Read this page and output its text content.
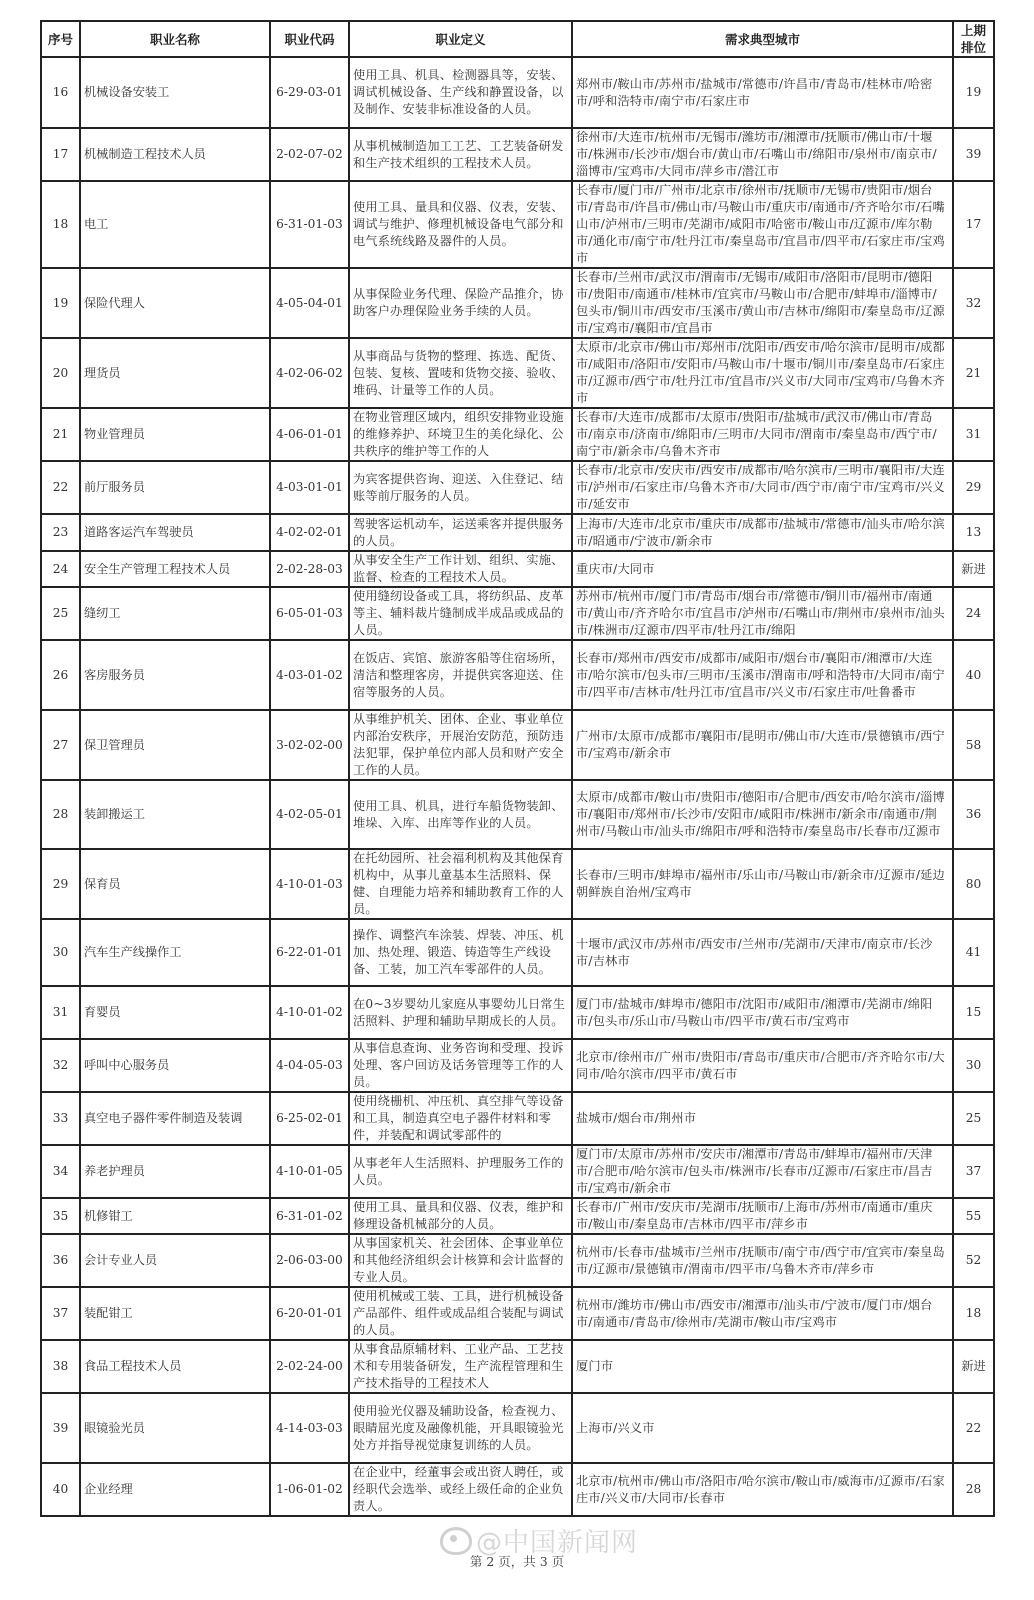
序号	职业名称	职业代码	职业定义	需求典型城市	上期排位
16	机械设备安装工	6-29-03-01	使用工具、机具、检测器具等，安装、调试机械设备、生产线和静置设备，以及制作、安装非标准设备的人员。	郑州市/鞍山市/苏州市/盐城市/常德市/许昌市/青岛市/桂林市/哈密市/呼和浩特市/南宁市/石家庄市	19
17	机械制造工程技术人员	2-02-07-02	从事机械制造加工工艺、工艺装备研发和生产技术组织的工程技术人员。	徐州市/大连市/杭州市/无锡市/潍坊市/湘潭市/抚顺市/佛山市/十堰市/株洲市/长沙市/烟台市/黄山市/石嘴山市/绵阳市/泉州市/南京市/淄博市/宝鸡市/大同市/萍乡市/潜江市	39
18	电工	6-31-01-03	使用工具、量具和仪器、仪表，安装、调试与维护、修理机械设备电气部分和电气系统线路及器件的人员。	长春市/厦门市/广州市/北京市/徐州市/抚顺市/无锡市/贵阳市/烟台市/青岛市/许昌市/佛山市/马鞍山市/重庆市/南通市/齐齐哈尔市/石嘴山市/泸州市/三明市/芜湖市/咸阳市/哈密市/鞍山市/辽源市/库尔勒市/通化市/南宁市/牡丹江市/秦皇岛市/宜昌市/四平市/石家庄市/宝鸡市	17
19	保险代理人	4-05-04-01	从事保险业务代理、保险产品推介，协助客户办理保险业务手续的人员。	长春市/兰州市/武汉市/渭南市/无锡市/咸阳市/洛阳市/昆明市/德阳市/贵阳市/南通市/桂林市/宜宾市/马鞍山市/合肥市/蚌埠市/淄博市/包头市/铜川市/西安市/玉溪市/黄山市/吉林市/绵阳市/秦皇岛市/辽源市/宝鸡市/襄阳市/宜昌市	32
20	理货员	4-02-06-02	从事商品与货物的整理、拣选、配货、包装、复核、置唛和货物交接、验收、堆码、计量等工作的人员。	太原市/北京市/佛山市/郑州市/沈阳市/西安市/哈尔滨市/昆明市/成都市/咸阳市/洛阳市/安阳市/马鞍山市/十堰市/铜川市/秦皇岛市/石家庄市/辽源市/西宁市/牡丹江市/宜昌市/兴义市/大同市/宝鸡市/乌鲁木齐市	21
21	物业管理员	4-06-01-01	在物业管理区域内，组织安排物业设施的维修养护、环境卫生的美化绿化、公共秩序的维护等工作的人	长春市/大连市/成都市/太原市/贵阳市/盐城市/武汉市/佛山市/青岛市/南京市/济南市/绵阳市/三明市/大同市/渭南市/秦皇岛市/西宁市/南宁市/新余市/乌鲁木齐市	31
22	前厅服务员	4-03-01-01	为宾客提供咨询、迎送、入住登记、结账等前厅服务的人员。	长春市/北京市/安庆市/西安市/成都市/哈尔滨市/三明市/襄阳市/大连市/泸州市/石家庄市/乌鲁木齐市/大同市/西宁市/南宁市/宝鸡市/兴义市/延安市	29
23	道路客运汽车驾驶员	4-02-02-01	驾驶客运机动车，运送乘客并提供服务的人员。	上海市/大连市/北京市/重庆市/成都市/盐城市/常德市/汕头市/哈尔滨市/昭通市/宁波市/新余市	13
24	安全生产管理工程技术人员	2-02-28-03	从事安全生产工作计划、组织、实施、监督、检查的工程技术人员。	重庆市/大同市	新进
25	缝纫工	6-05-01-03	使用缝纫设备或工具，将纺织品、皮革等主、辅料裁片缝制成半成品或成品的人员。	苏州市/杭州市/厦门市/青岛市/烟台市/常德市/铜川市/福州市/南通市/黄山市/齐齐哈尔市/宜昌市/泸州市/石嘴山市/荆州市/泉州市/汕头市/株洲市/辽源市/四平市/牡丹江市/绵阳	24
26	客房服务员	4-03-01-02	在饭店、宾馆、旅游客船等住宿场所，清洁和整理客房，并提供宾客迎送、住宿等服务的人员。	长春市/郑州市/西安市/成都市/咸阳市/烟台市/襄阳市/湘潭市/大连市/哈尔滨市/包头市/三明市/玉溪市/渭南市/呼和浩特市/大同市/南宁市/四平市/吉林市/牡丹江市/宜昌市/兴义市/石家庄市/吐鲁番市	40
27	保卫管理员	3-02-02-00	从事维护机关、团体、企业、事业单位内部治安秩序，开展治安防范，预防违法犯罪，保护单位内部人员和财产安全工作的人员。	广州市/太原市/成都市/襄阳市/昆明市/佛山市/大连市/景德镇市/西宁市/宝鸡市/新余市	58
28	装卸搬运工	4-02-05-01	使用工具、机具，进行车船货物装卸、堆垛、入库、出库等作业的人员。	太原市/成都市/鞍山市/贵阳市/德阳市/合肥市/西安市/哈尔滨市/淄博市/襄阳市/郑州市/长沙市/安阳市/咸阳市/株洲市/新余市/南通市/荆州市/马鞍山市/汕头市/绵阳市/呼和浩特市/秦皇岛市/长春市/辽源市	36
29	保育员	4-10-01-03	在托幼园所、社会福利机构及其他保育机构中，从事儿童基本生活照料、保健、自理能力培养和辅助教育工作的人员。	长春市/三明市/蚌埠市/福州市/乐山市/马鞍山市/新余市/辽源市/延边朝鲜族自治州/宝鸡市	80
30	汽车生产线操作工	6-22-01-01	操作、调整汽车涂装、焊装、冲压、机加、热处理、锻造、铸造等生产线设备、工装，加工汽车零部件的人员。	十堰市/武汉市/苏州市/西安市/兰州市/芜湖市/天津市/南京市/长沙市/吉林市	41
31	育婴员	4-10-01-02	在0~3岁婴幼儿家庭从事婴幼儿日常生活照料、护理和辅助早期成长的人员。	厦门市/盐城市/蚌埠市/德阳市/沈阳市/咸阳市/湘潭市/芜湖市/绵阳市/包头市/乐山市/马鞍山市/四平市/黄石市/宝鸡市	15
32	呼叫中心服务员	4-04-05-03	从事信息查询、业务咨询和受理、投诉处理、客户回访及话务管理等工作的人员。	北京市/徐州市/广州市/贵阳市/青岛市/重庆市/合肥市/齐齐哈尔市/大同市/哈尔滨市/四平市/黄石市	30
33	真空电子器件零件制造及装调	6-25-02-01	使用绕栅机、冲压机、真空排气等设备和工具，制造真空电子器件材料和零件，并装配和调试零部件的	盐城市/烟台市/荆州市	25
34	养老护理员	4-10-01-05	从事老年人生活照料、护理服务工作的人员。	厦门市/太原市/苏州市/安庆市/湘潭市/青岛市/蚌埠市/福州市/天津市/合肥市/哈尔滨市/包头市/株洲市/长春市/辽源市/石家庄市/昌吉市/宝鸡市/新余市	37
35	机修钳工	6-31-01-02	使用工具、量具和仪器、仪表，维护和修理设备机械部分的人员。	长春市/广州市/安庆市/芜湖市/抚顺市/上海市/苏州市/南通市/重庆市/鞍山市/秦皇岛市/吉林市/四平市/萍乡市	55
36	会计专业人员	2-06-03-00	从事国家机关、社会团体、企事业单位和其他经济组织会计核算和会计监督的专业人员。	杭州市/长春市/盐城市/兰州市/抚顺市/南宁市/西宁市/宜宾市/秦皇岛市/辽源市/景德镇市/渭南市/四平市/乌鲁木齐市/萍乡市	52
37	装配钳工	6-20-01-01	使用机械或工装、工具，进行机械设备产品部件、组件或成品组合装配与调试的人员。	杭州市/潍坊市/佛山市/西安市/湘潭市/汕头市/宁波市/厦门市/烟台市/南通市/青岛市/徐州市/芜湖市/鞍山市/宝鸡市	18
38	食品工程技术人员	2-02-24-00	从事食品原辅材料、工业产品、工艺技术和专用装备研发，生产流程管理和生产技术指导的工程技术人	厦门市	新进
39	眼镜验光员	4-14-03-03	使用验光仪器及辅助设备，检查视力、眼睛屈光度及融像机能，开具眼镜验光处方并指导视觉康复训练的人员。	上海市/兴义市	22
40	企业经理	1-06-01-02	在企业中，经董事会或出资人聘任，或经职代会选举、或经上级任命的企业负责人。	北京市/杭州市/佛山市/洛阳市/哈尔滨市/鞍山市/威海市/辽源市/石家庄市/兴义市/大同市/长春市	28
@中国新闻网
第 2 页，共 3 页
